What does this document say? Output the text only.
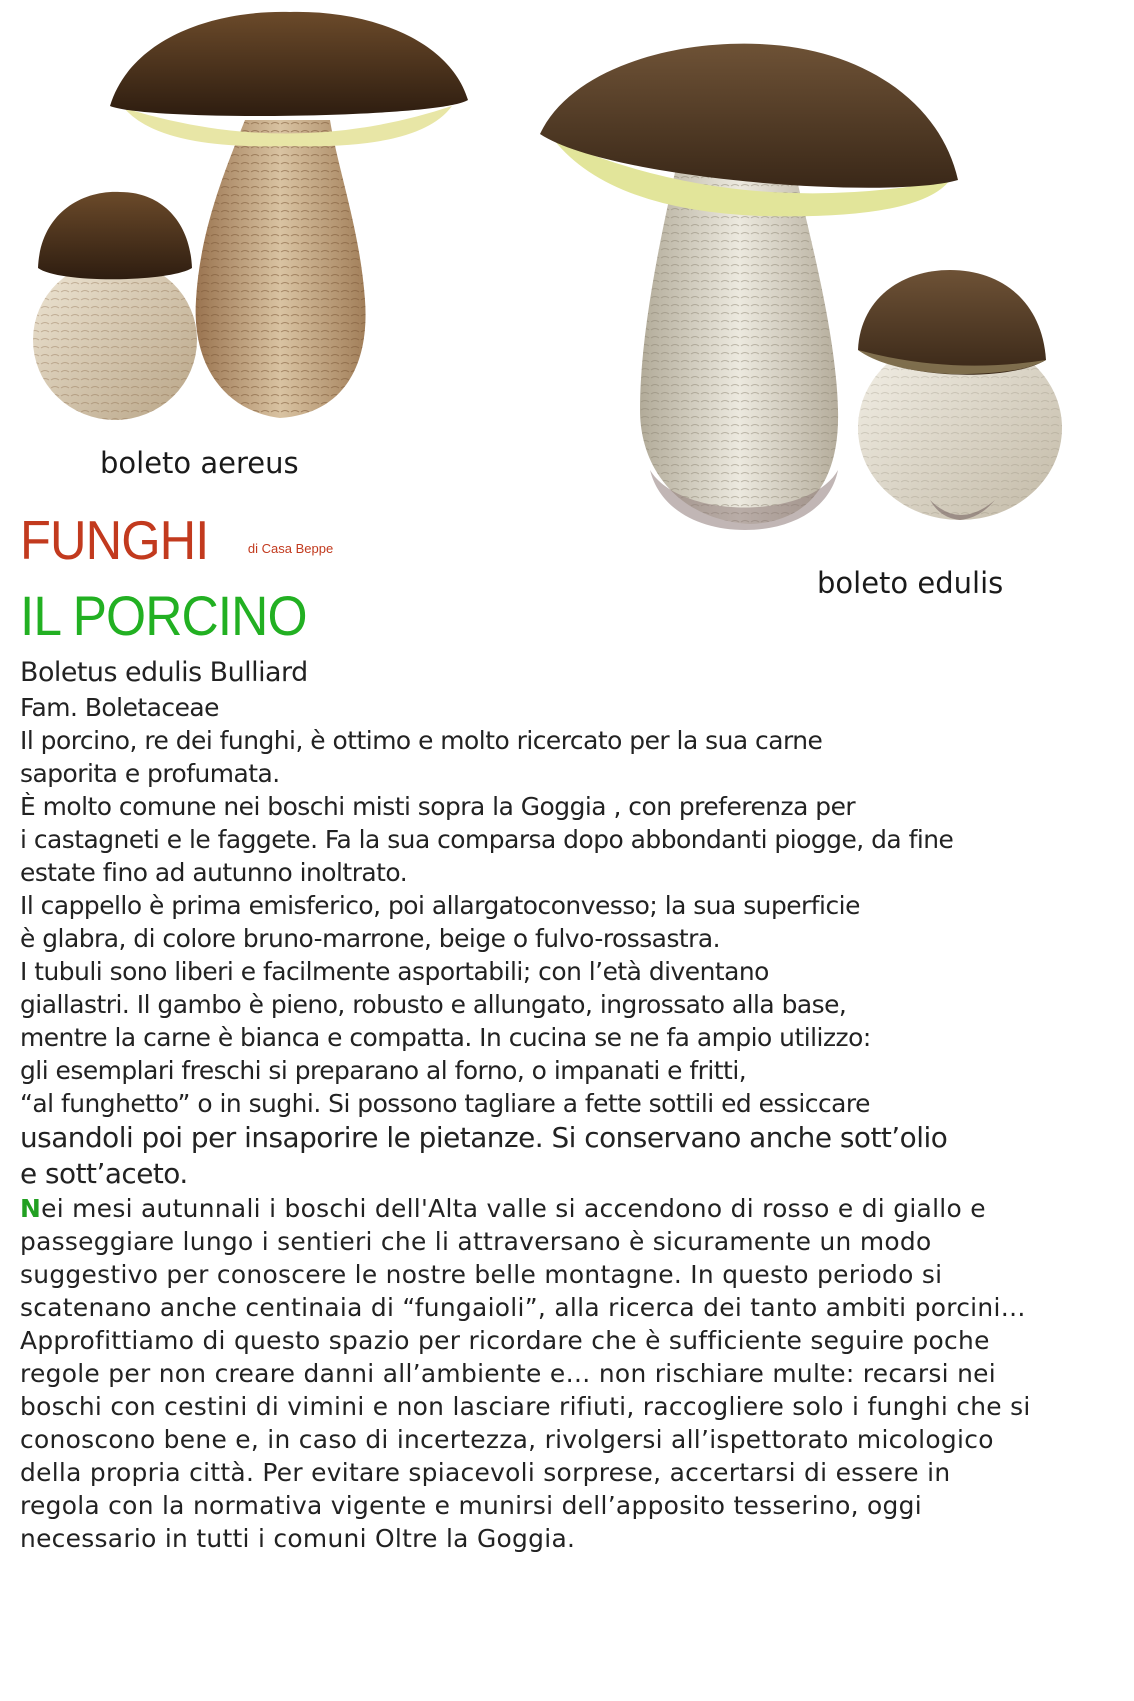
boleto aereus
boleto edulis
FUNGHI	di Casa Beppe
IL PORCINO
Boletus edulis Bulliard
Fam. Boletaceae
Il porcino, re dei funghi, è ottimo e molto ricercato per la sua carne
saporita e profumata.
È molto comune nei boschi misti sopra la Goggia , con preferenza per
i castagneti e le faggete. Fa la sua comparsa dopo abbondanti piogge, da fine
estate fino ad autunno inoltrato.
Il cappello è prima emisferico, poi allargatoconvesso; la sua superficie
è glabra, di colore bruno-marrone, beige o fulvo-rossastra.
I tubuli sono liberi e facilmente asportabili; con l’età diventano
giallastri. Il gambo è pieno, robusto e allungato, ingrossato alla base,
mentre la carne è bianca e compatta. In cucina se ne fa ampio utilizzo:
gli esemplari freschi si preparano al forno, o impanati e fritti,
“al funghetto” o in sughi. Si possono tagliare a fette sottili ed essiccare
usandoli poi per insaporire le pietanze. Si conservano anche sott’olio
e sott’aceto.
Nei mesi autunnali i boschi dell'Alta valle si accendono di rosso e di giallo e
passeggiare lungo i sentieri che li attraversano è sicuramente un modo
suggestivo per conoscere le nostre belle montagne. In questo periodo si
scatenano anche centinaia di “fungaioli”, alla ricerca dei tanto ambiti porcini…
Approfittiamo di questo spazio per ricordare che è sufficiente seguire poche
regole per non creare danni all’ambiente e… non rischiare multe: recarsi nei
boschi con cestini di vimini e non lasciare rifiuti, raccogliere solo i funghi che si
conoscono bene e, in caso di incertezza, rivolgersi all’ispettorato micologico
della propria città. Per evitare spiacevoli sorprese, accertarsi di essere in
regola con la normativa vigente e munirsi dell’apposito tesserino, oggi
necessario in tutti i comuni Oltre la Goggia.
